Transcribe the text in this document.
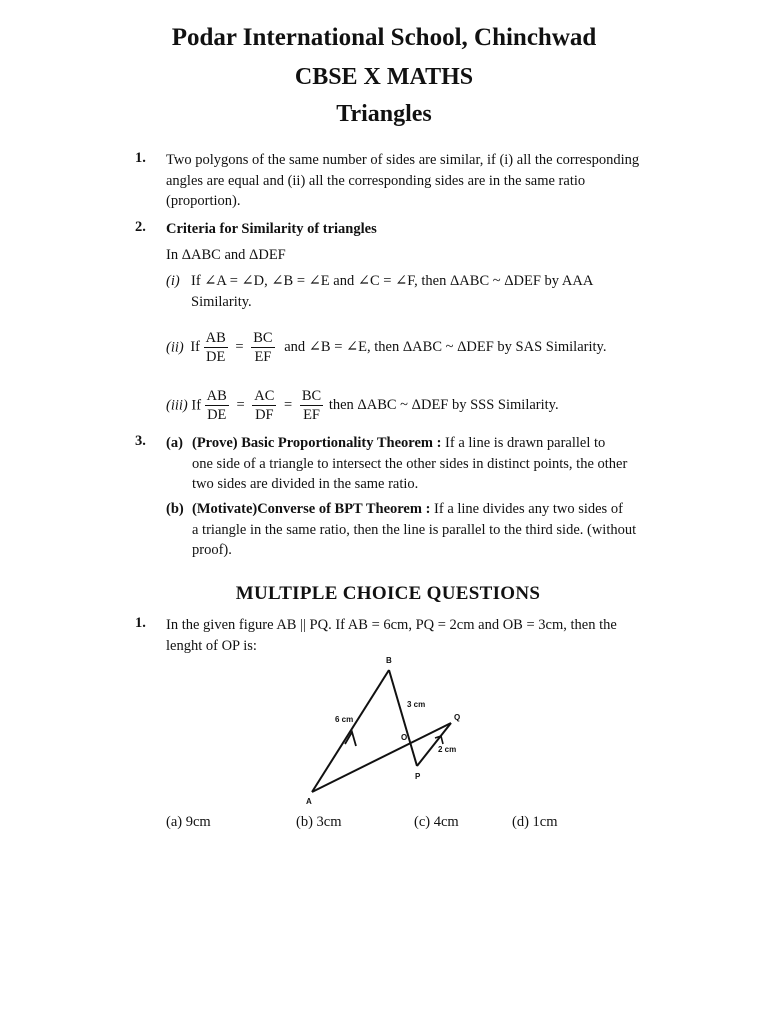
Podar International School, Chinchwad
CBSE X MATHS
Triangles
1. Two polygons of the same number of sides are similar, if (i) all the corresponding
angles are equal and (ii) all the corresponding sides are in the same ratio
(proportion).
2. Criteria for Similarity of triangles
In ΔABC and ΔDEF
(i) If ∠A = ∠D, ∠B = ∠E and ∠C = ∠F, then ΔABC ~ ΔDEF by AAA
Similarity.
(ii) If $\frac{AB}{DE} = \frac{BC}{EF}$ and ∠B = ∠E, then ΔABC ~ ΔDEF by SAS Similarity.
(iii) If $\frac{AB}{DE} = \frac{AC}{DF} = \frac{BC}{EF}$ then ΔABC ~ ΔDEF by SSS Similarity.
3. (a) (Prove) Basic Proportionality Theorem : If a line is drawn parallel to
one side of a triangle to intersect the other sides in distinct points, the other
two sides are divided in the same ratio.
(b) (Motivate)Converse of BPT Theorem : If a line divides any two sides of
a triangle in the same ratio, then the line is parallel to the third side. (without
proof).
MULTIPLE CHOICE QUESTIONS
1. In the given figure AB || PQ. If AB = 6cm, PQ = 2cm and OB = 3cm, then the
lenght of OP is:
B
A
O
P
Q
6 cm
3 cm
2 cm
(a) 9cm	(b) 3cm	(c) 4cm	(d) 1cm
